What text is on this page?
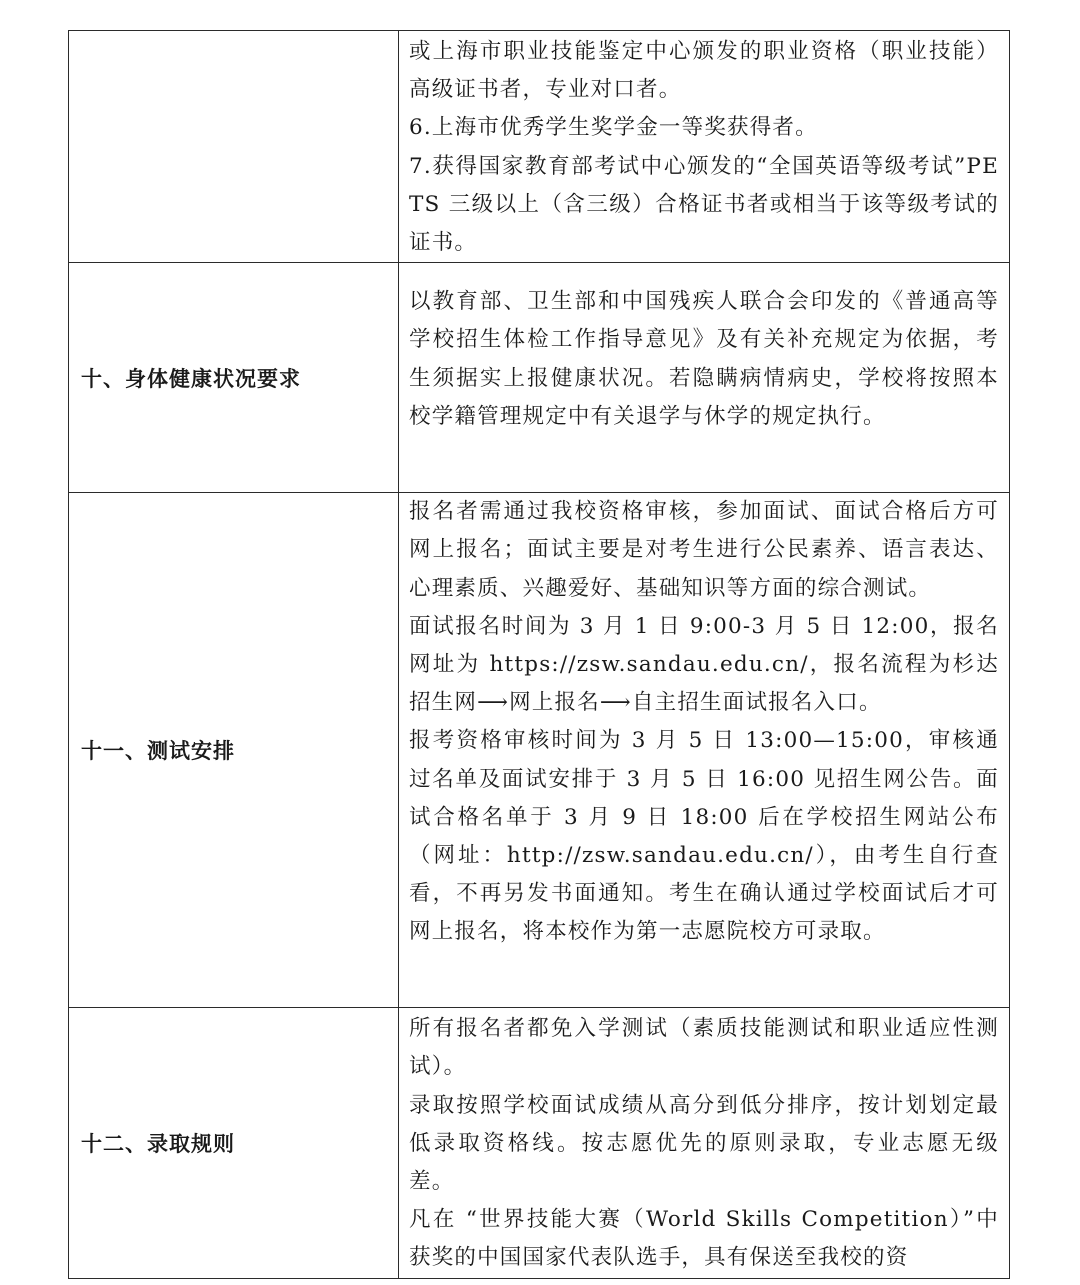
	或上海市职业技能鉴定中心颁发的职业资格（职业技能）高级证书者，专业对口者。

6.上海市优秀学生奖学金一等奖获得者。

7.获得国家教育部考试中心颁发的“全国英语等级考试”PETS 三级以上（含三级）合格证书者或相当于该等级考试的证书。

十、身体健康状况要求	以教育部、卫生部和中国残疾人联合会印发的《普通高等学校招生体检工作指导意见》及有关补充规定为依据，考生须据实上报健康状况。若隐瞒病情病史，学校将按照本校学籍管理规定中有关退学与休学的规定执行。

十一、测试安排	报名者需通过我校资格审核，参加面试、面试合格后方可网上报名；面试主要是对考生进行公民素养、语言表达、心理素质、兴趣爱好、基础知识等方面的综合测试。

面试报名时间为 3 月 1 日 9:00-3 月 5 日 12:00，报名网址为 https://zsw.sandau.edu.cn/，报名流程为杉达招生网⟶网上报名⟶自主招生面试报名入口。

报考资格审核时间为 3 月 5 日 13:00—15:00，审核通过名单及面试安排于 3 月 5 日 16:00 见招生网公告。面试合格名单于 3 月 9 日 18:00 后在学校招生网站公布（网址：http://zsw.sandau.edu.cn/），由考生自行查看，不再另发书面通知。考生在确认通过学校面试后才可网上报名，将本校作为第一志愿院校方可录取。

十二、录取规则	所有报名者都免入学测试（素质技能测试和职业适应性测试）。

录取按照学校面试成绩从高分到低分排序，按计划划定最低录取资格线。按志愿优先的原则录取，专业志愿无级差。

凡在 “世界技能大赛（World Skills Competition）”中获奖的中国国家代表队选手，具有保送至我校的资
